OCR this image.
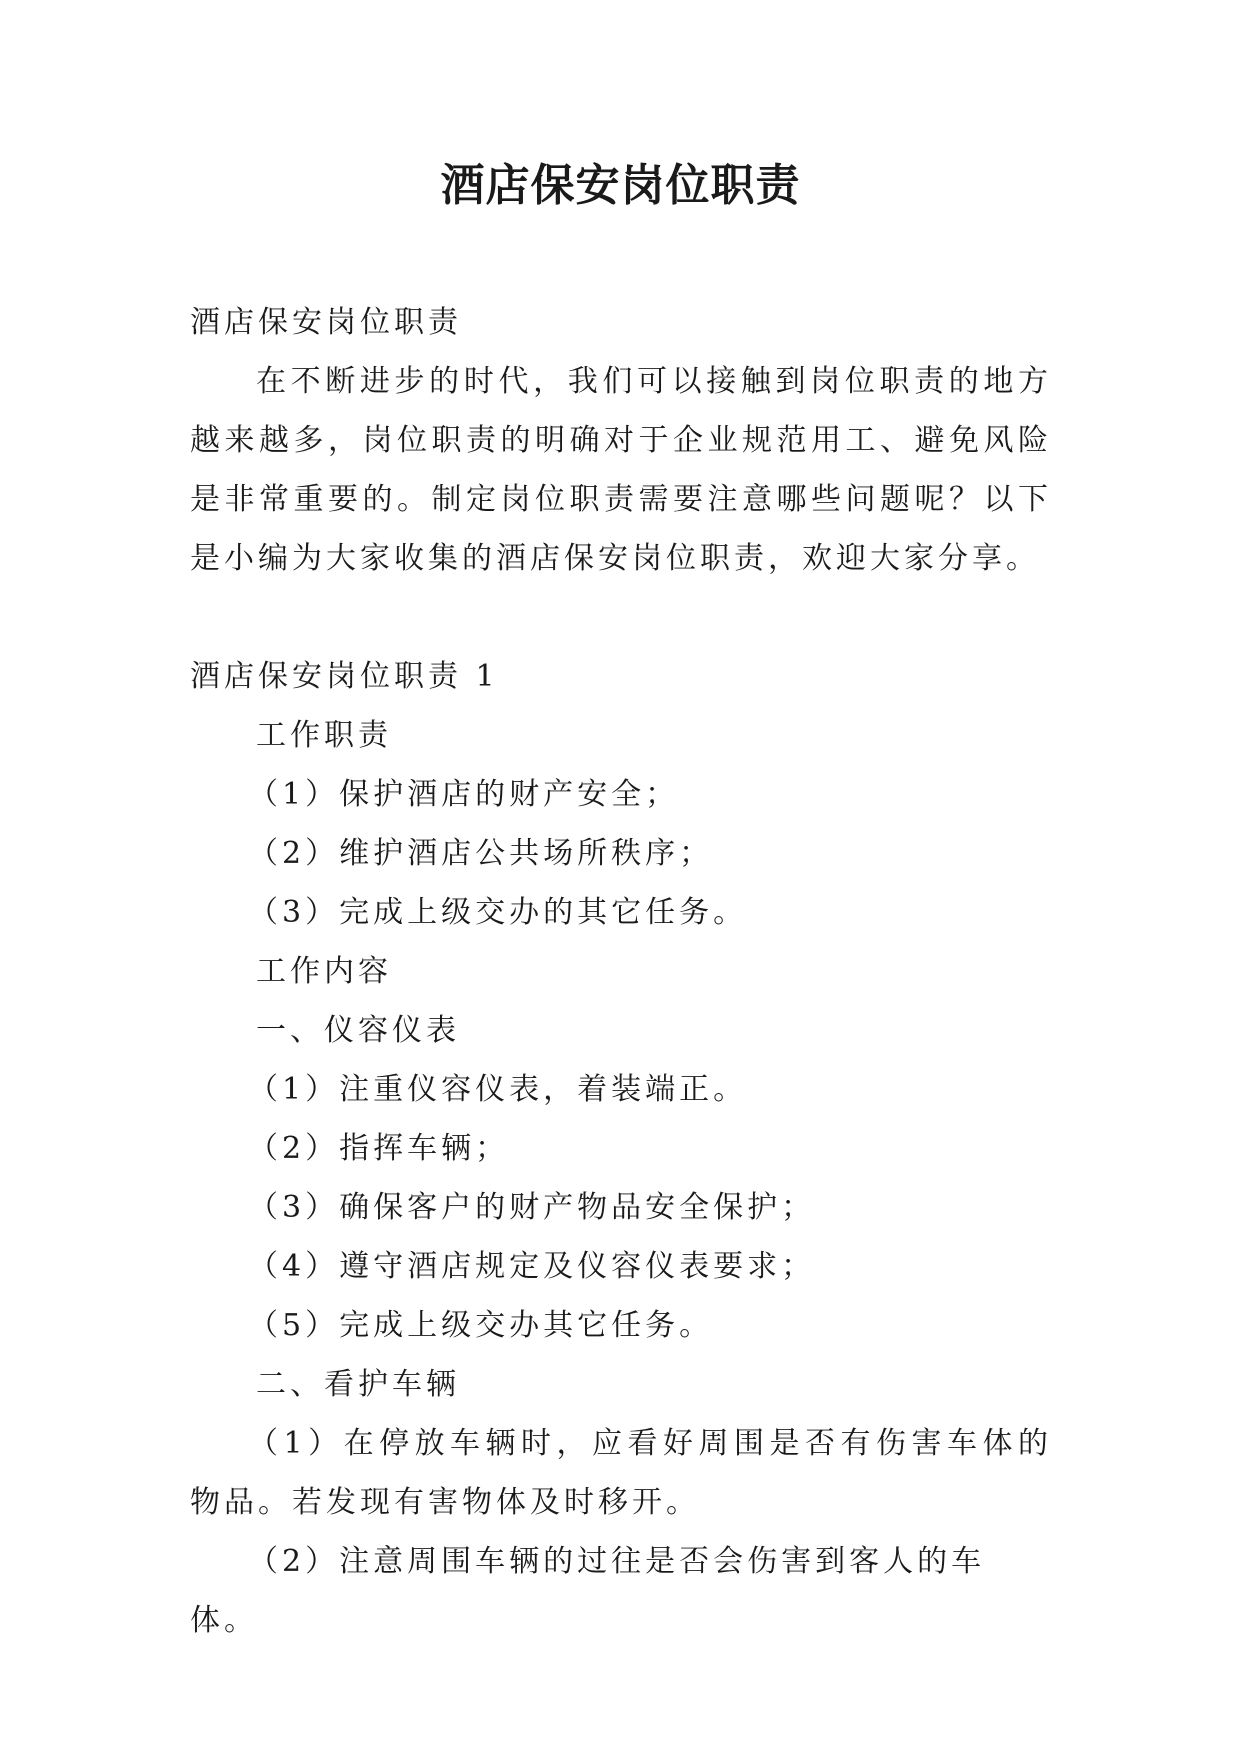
酒店保安岗位职责

酒店保安岗位职责

在不断进步的时代，我们可以接触到岗位职责的地方越来越多，岗位职责的明确对于企业规范用工、避免风险是非常重要的。制定岗位职责需要注意哪些问题呢？以下是小编为大家收集的酒店保安岗位职责，欢迎大家分享。

酒店保安岗位职责 1

工作职责

（1）保护酒店的财产安全；

（2）维护酒店公共场所秩序；

（3）完成上级交办的其它任务。

工作内容

一、仪容仪表

（1）注重仪容仪表，着装端正。

（2）指挥车辆；

（3）确保客户的财产物品安全保护；

（4）遵守酒店规定及仪容仪表要求；

（5）完成上级交办其它任务。

二、看护车辆

（1）在停放车辆时，应看好周围是否有伤害车体的物品。若发现有害物体及时移开。

（2）注意周围车辆的过往是否会伤害到客人的车体。
